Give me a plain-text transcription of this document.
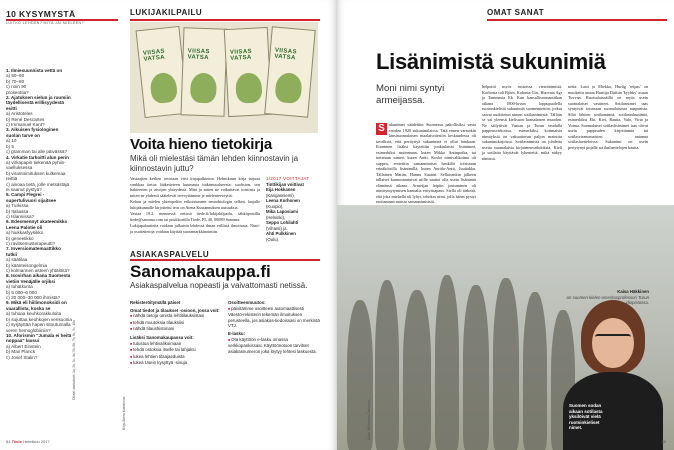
10 KYSYMYSTÄ
LUITKO LEHDEN? MITÄ JÄI MIELEEN?
1. Ilmiesuunnista vettä on
a) 50–60
b) 70–80
c) noin 90
prosenttia?
2. Ajatuksen sielun ja ruumiin täydellisestä erillisyydestä esitti
a) Aristoteles
b) René Descartes
c) Immanuel Kant?
3. Aikuisen fysiologinen suolan tarve on
a) 10
b) 5
c) gramman tai alle päivässä?
4. Virkatie tarkoitti alun perin
a) virkapapin tiekenää pyhiin-vaelluksessa
b) virantoimituksen kulkemaa reittiä
c) ainoaa tietä, jolle metsästäjä ei saanut pystyä?
5. Campi Flegrei -supertulivuori sijaitsee
a) Turkissa
b) Italiassa
c) Islannissa?
6. Edesmennyt akateemikko Leena Palotie oli
a) hiukkasfyysikko
b) geneetikko
c) ravitsemusterapeutti?
7. Inversiomatemaattikko tutkii
a) säätilaa
b) käänteisongelmia
c) kolmannen asteen yhtälöitä?
8. Isovirhan aikana Suomesta vietiin Venäjälle orjiksi
a) tuhatkunta
b) 5 000–6 000
c) 20 000–30 000 ihmistä?
9. Mikä eli hiilimonoksidi on vaarallista, koska se
a) tuhoaa keuhkorakkuloita
b) sujuttaa keuhkojen verisuonia
c) syrjäyttää hapen sitoutumalla veren hemoglobiiniin?
10. Aforismin "Jumala ei heitä noppaa" lausui
a) Albert Einstein
b) Max Planck
c) Josef Stalin?	Oikeat vastaukset: 1a, 2b, 3c, 4b, 5b, 6b, 7b, 8c, 9c, 10a
LUKIJAKILPAILU
VIISAS VATSA
VIISAS VATSA
VIISAS VATSA
VIISAS VATSA
Voita hieno tietokirja
Mikä oli mielestäsi tämän lehden kiinnostavin ja kiinnostavin juttu?

Vastaajien kesken arvotaan viisi kirjapalkintoa. Helmikuun kirja tarjoaa vankkaa tietoa lääketieteen kuumasta tutkimusalueesta: suoliston, sen bakteerien ja aivojen yhteydestä. Mitä ja miten ne vaikuttavat toisiinsa ja miten ne yhdessä säätelevät terveyttämme ja mielenterveyttä.

Kehon ja mielen yhteispeliin erikoistuneen neurobiologin selkeä, laajalle lukijakunnalle kirjoitettu teos on Atena Kustannuksen uutuuksia.

Vastaa 19.2. mennessä netissä tiede.fi/lukijakilpailu, sähköpostilla tiede@sanoma.com tai postikortilla Tiede, PL 40, 00089 Sanoma.

Lukijapalautteita voidaan julkaista lehdessä ilman erillistä ilmoitusta. Nimi- ja osoitetietoja voidaan käyttää suoramarkkinointiin.

1/2017 VOITTAJAT
Tinttikijan voittivat
Eija Hokkanen
(Kangasniemi),
Leena Korhonen
(Kuopio),
Mika Laposiami
(Helsinki),
Seppo Lohilahti
(Vihanti) ja
Ahti Pulkkinen
(Oulu).
ASIAKASPALVELU
Sanomakauppa.fi
Asiakaspalvelua nopeasti ja vaivattomasti netissä.
Rekisteröitymällä päiset
Omat tiedot ja tilaukset -osioon, jossa voit:
■ nähdä tietoja omista lehtitilauksistasi
■ tehdä muutoksia tilauksiisi
■ nähdä tilaushistoriasi
Lisäksi Sanomakaupassa voit:
■ tutustua lehtivalikoimaan
■ tehdä ostoksia itselle tai lahjaksi
■ lukea lehtien tilaajaeduista
■ lukea Usein kysyttyä -sivuja
Osoitteenmuutos:
■ päivitämme osoitteesi automaattisesti Väestö-rekisterin tekemän ilmoituksen perusteella, jos asiakas-tiedoissasi on merkintä VTJ.
E-lasku:
■ Ota käyttöön e-lasku omassa verkkopankissasi. Käyttöönotoon tarvitset asiakasnumeron joka löytyy lehtesi laskuesta.
Kirja: Atena Kustannus
84 Tiede Helmikuu 2017
OMAT SANAT
Lisänimistä sukunimiä
Moni nimi syntyi armeijassa.
S ukunimet säädettiin Suomessa pakollisiksi vasta vuoden 1920 sukunimilaissa. Tätä ennen varsinkin länsisuomalaisen maalaisväestön keskuudessa oli tavallista, että perityttyä sukunimeä ei ollut lainkaan. Etunimen lisäksi käytettiin jonkinlaista lisänimeä, esimerkiksi asuinmaan, kuten Mikko Antinpoika, tai tottatuun nimeä, kuten Antti. Koska nimivalikoima oli suppea, erotettiin samannimiset henkilöt toisistaan erinäköisillä lisänimillä, kuten Anttila-Antti, Juuttakka. Tällainen Mattin, Hannu Suutari. Sellaisenkin jälkeen tällaiset kunnostautuivat niille saattoi olla usein lisänimiä elämänsä aikana. Armeijan leipiin joutuminen oli nimisyntytymisen kannalta erityistapaus. Siellä oli tärkeää, että joka miehellä oli lyhyt, tehokas nimi, jolla hänet pystyi erottamaan muista samannimisistä.
helpoitti myös rustoissa viestittämistä. Korhosta tuli Björn, Kuhasta Gös, Huovata Agr ja Tammesta Ek. Kun kansallisromantiikan aikana 1800-luvun loppupuolella ruotsinkielisiä sukunimiä suomennettiin, jotkut saivat uudistetun nimen sotilasnimestä. Tällöin se sai yleensä kielisuon kansalaisen muodon. Ne säilyttivät Vaasan ja Turun seudulla pappeusvirkoissa, esimerkiksi kotimaisia nimityksiä on vakuuttavan paljon mainittu sukunimikirjoissa. Sotilasnimistä on johdettu useita suomalaisia kirjaimenvaihdoksia. Kieli ja sotilaita käyttävät lyhenteitä, mikä näkyy nimissä.
netta: Lasti ja Miekka, Hurtig 'reipas' on muokattu asuun Hurttija Duftiin 'kyyhky' asuun Tuvvan. Ruotsalaisnäillä on myös usein suomalaiset vastineet. Sotilasnimet taas syntyivät toisinaan suomalaisesta naapurista. Siltä lähtien sotilaanimiä, sotilassukunimiä, esimerkiksi Eki, Kivi, Rautia, Valo, Virta ja Voima. Suomalaiset sotilaslisänimet taas olivat usein pappeuden kirjoittamia tai sotilasviranomaisten antamia sotilasluetteloissa. Sukunimi on usein periytynyt pojalle sotilasluettelojen kautta.
Kaisa Häkkinen
on suomen kielen emeritusprofessori Turun yliopistossa.
Suomen sodan aikaan sotilasta yksilöivät vielä ruotsinkieliset nimet.
Kuva: Wikimedia Commons
85
